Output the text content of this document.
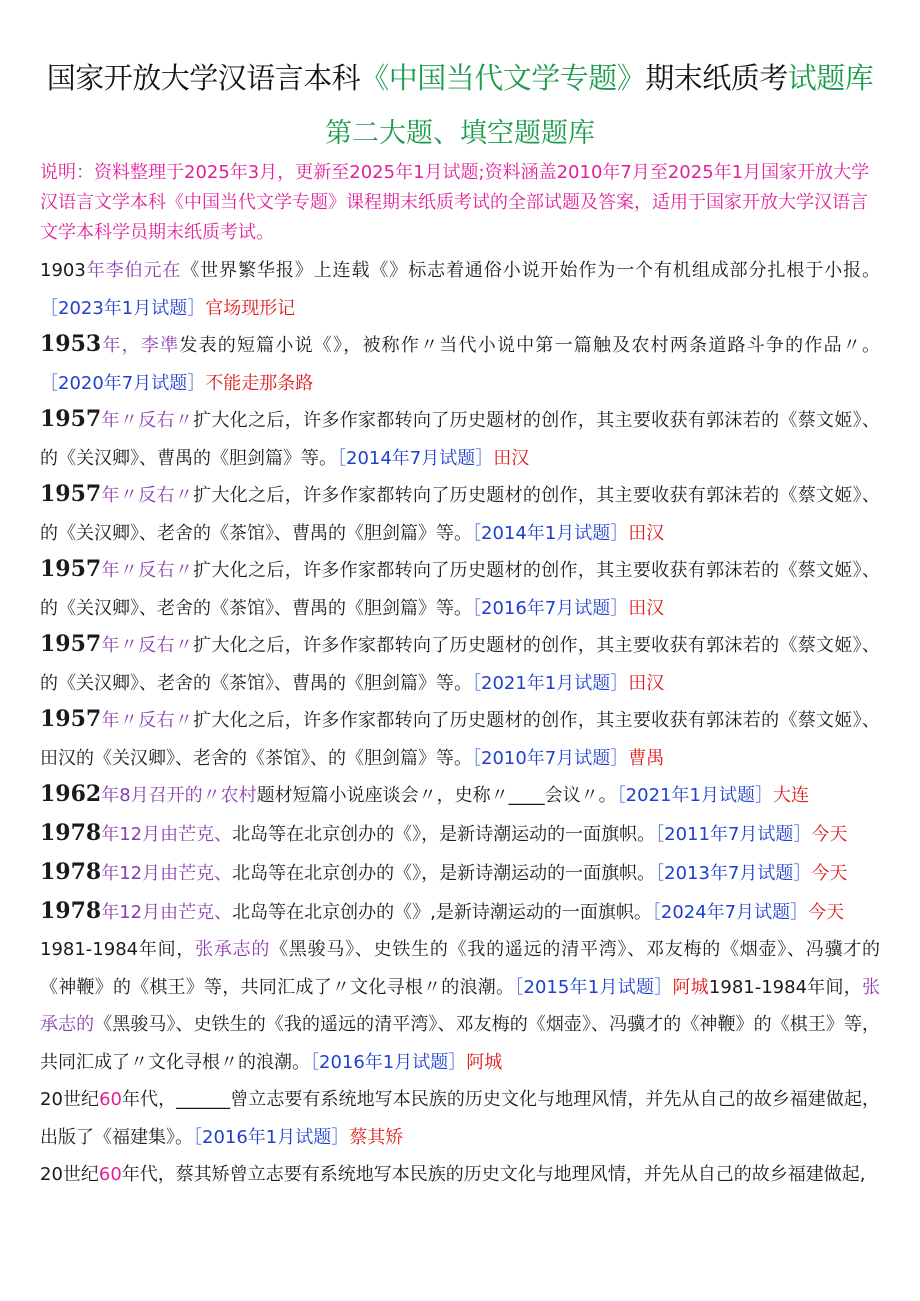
国家开放大学汉语言本科《中国当代文学专题》期末纸质考试题库
第二大题、填空题题库
说明：资料整理于2025年3月，更新至2025年1月试题;资料涵盖2010年7月至2025年1月国家开放大学汉语言文学本科《中国当代文学专题》课程期末纸质考试的全部试题及答案，适用于国家开放大学汉语言文学本科学员期末纸质考试。
1903年李伯元在《世界繁华报》上连载《》标志着通俗小说开始作为一个有机组成部分扎根于小报。［2023年1月试题］官场现形记
1953年，李凖发表的短篇小说《》，被称作〃当代小说中第一篇触及农村两条道路斗争的作品〃。［2020年7月试题］不能走那条路
1957年〃反右〃扩大化之后，许多作家都转向了历史题材的创作，其主要收获有郭沫若的《蔡文姬》、的《关汉卿》、曹禺的《胆剑篇》等。［2014年7月试题］田汉
1957年〃反右〃扩大化之后，许多作家都转向了历史题材的创作，其主要收获有郭沫若的《蔡文姬》、的《关汉卿》、老舍的《茶馆》、曹禺的《胆剑篇》等。［2014年1月试题］田汉
1957年〃反右〃扩大化之后，许多作家都转向了历史题材的创作，其主要收获有郭沫若的《蔡文姬》、的《关汉卿》、老舍的《茶馆》、曹禺的《胆剑篇》等。［2016年7月试题］田汉
1957年〃反右〃扩大化之后，许多作家都转向了历史题材的创作，其主要收获有郭沫若的《蔡文姬》、的《关汉卿》、老舍的《茶馆》、曹禺的《胆剑篇》等。［2021年1月试题］田汉
1957年〃反右〃扩大化之后，许多作家都转向了历史题材的创作，其主要收获有郭沫若的《蔡文姬》、田汉的《关汉卿》、老舍的《茶馆》、的《胆剑篇》等。［2010年7月试题］曹禺
1962年8月召开的〃农村题材短篇小说座谈会〃，史称〃____会议〃。［2021年1月试题］大连
1978年12月由芒克、北岛等在北京创办的《》，是新诗潮运动的一面旗帜。［2011年7月试题］今天
1978年12月由芒克、北岛等在北京创办的《》，是新诗潮运动的一面旗帜。［2013年7月试题］今天
1978年12月由芒克、北岛等在北京创办的《》,是新诗潮运动的一面旗帜。［2024年7月试题］今天
1981-1984年间，张承志的《黑骏马》、史铁生的《我的遥远的清平湾》、邓友梅的《烟壶》、冯骥才的《神鞭》的《棋王》等，共同汇成了〃文化寻根〃的浪潮。［2015年1月试题］阿城1981-1984年间，张承志的《黑骏马》、史铁生的《我的遥远的清平湾》、邓友梅的《烟壶》、冯骥才的《神鞭》的《棋王》等，共同汇成了〃文化寻根〃的浪潮。［2016年1月试题］阿城
20世纪60年代，______曾立志要有系统地写本民族的历史文化与地理风情，并先从自己的故乡福建做起，出版了《福建集》。［2016年1月试题］蔡其矫
20世纪60年代，蔡其矫曾立志要有系统地写本民族的历史文化与地理风情，并先从自己的故乡福建做起,
